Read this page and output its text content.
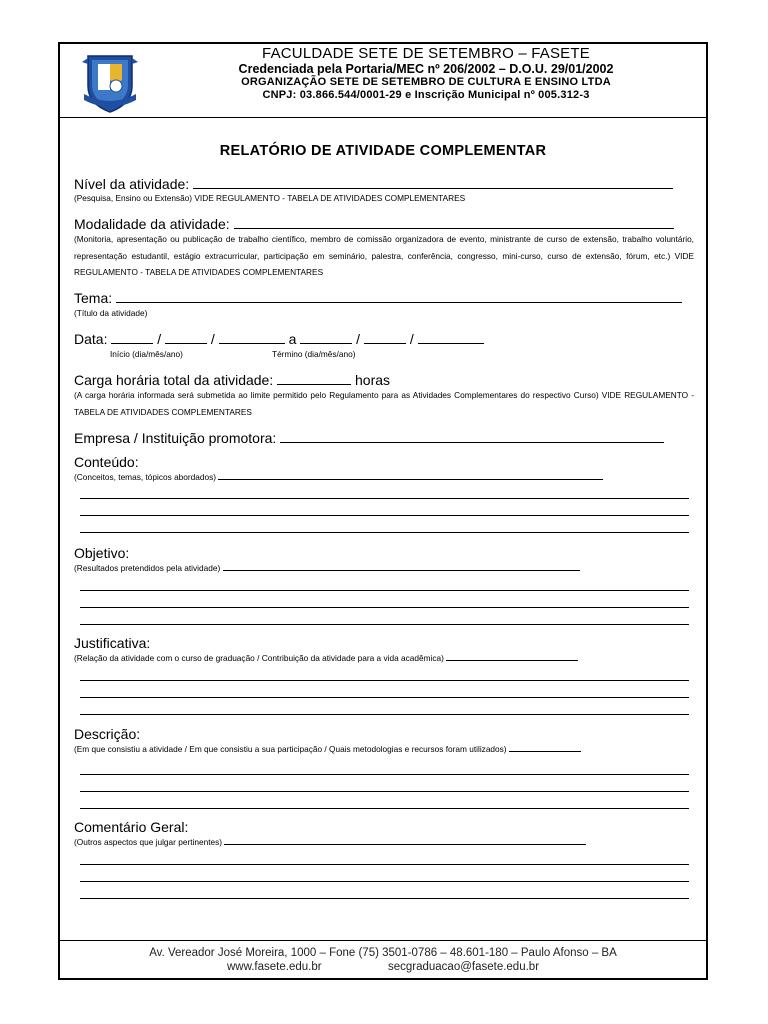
FACULDADE SETE DE SETEMBRO – FASETE
Credenciada pela Portaria/MEC nº 206/2002 – D.O.U. 29/01/2002
ORGANIZAÇÃO SETE DE SETEMBRO DE CULTURA E ENSINO LTDA
CNPJ: 03.866.544/0001-29 e Inscrição Municipal nº 005.312-3
RELATÓRIO DE ATIVIDADE COMPLEMENTAR
Nível da atividade:
(Pesquisa, Ensino ou Extensão) VIDE REGULAMENTO - TABELA DE ATIVIDADES COMPLEMENTARES
Modalidade da atividade:
(Monitoria, apresentação ou publicação de trabalho científico, membro de comissão organizadora de evento, ministrante de curso de extensão, trabalho voluntário, representação estudantil, estágio extracurricular, participação em seminário, palestra, conferência, congresso, mini-curso, curso de extensão, fórum, etc.) VIDE REGULAMENTO - TABELA DE ATIVIDADES COMPLEMENTARES
Tema:
(Título da atividade)
Data:	/	/	a	/	/
Início (dia/mês/ano)	Término (dia/mês/ano)
Carga horária total da atividade:	horas
(A carga horária informada será submetida ao limite permitido pelo Regulamento para as Atividades Complementares do respectivo Curso) VIDE REGULAMENTO - TABELA DE ATIVIDADES COMPLEMENTARES
Empresa / Instituição promotora:
Conteúdo:
(Conceitos, temas, tópicos abordados)
Objetivo:
(Resultados pretendidos pela atividade)
Justificativa:
(Relação da atividade com o curso de graduação / Contribuição da atividade para a vida acadêmica)
Descrição:
(Em que consistiu a atividade / Em que consistiu a sua participação / Quais metodologias e recursos foram utilizados)
Comentário Geral:
(Outros aspectos que julgar pertinentes)
Av. Vereador José Moreira, 1000 – Fone (75) 3501-0786 – 48.601-180 – Paulo Afonso – BA
www.fasete.edu.br	secgraduacao@fasete.edu.br
